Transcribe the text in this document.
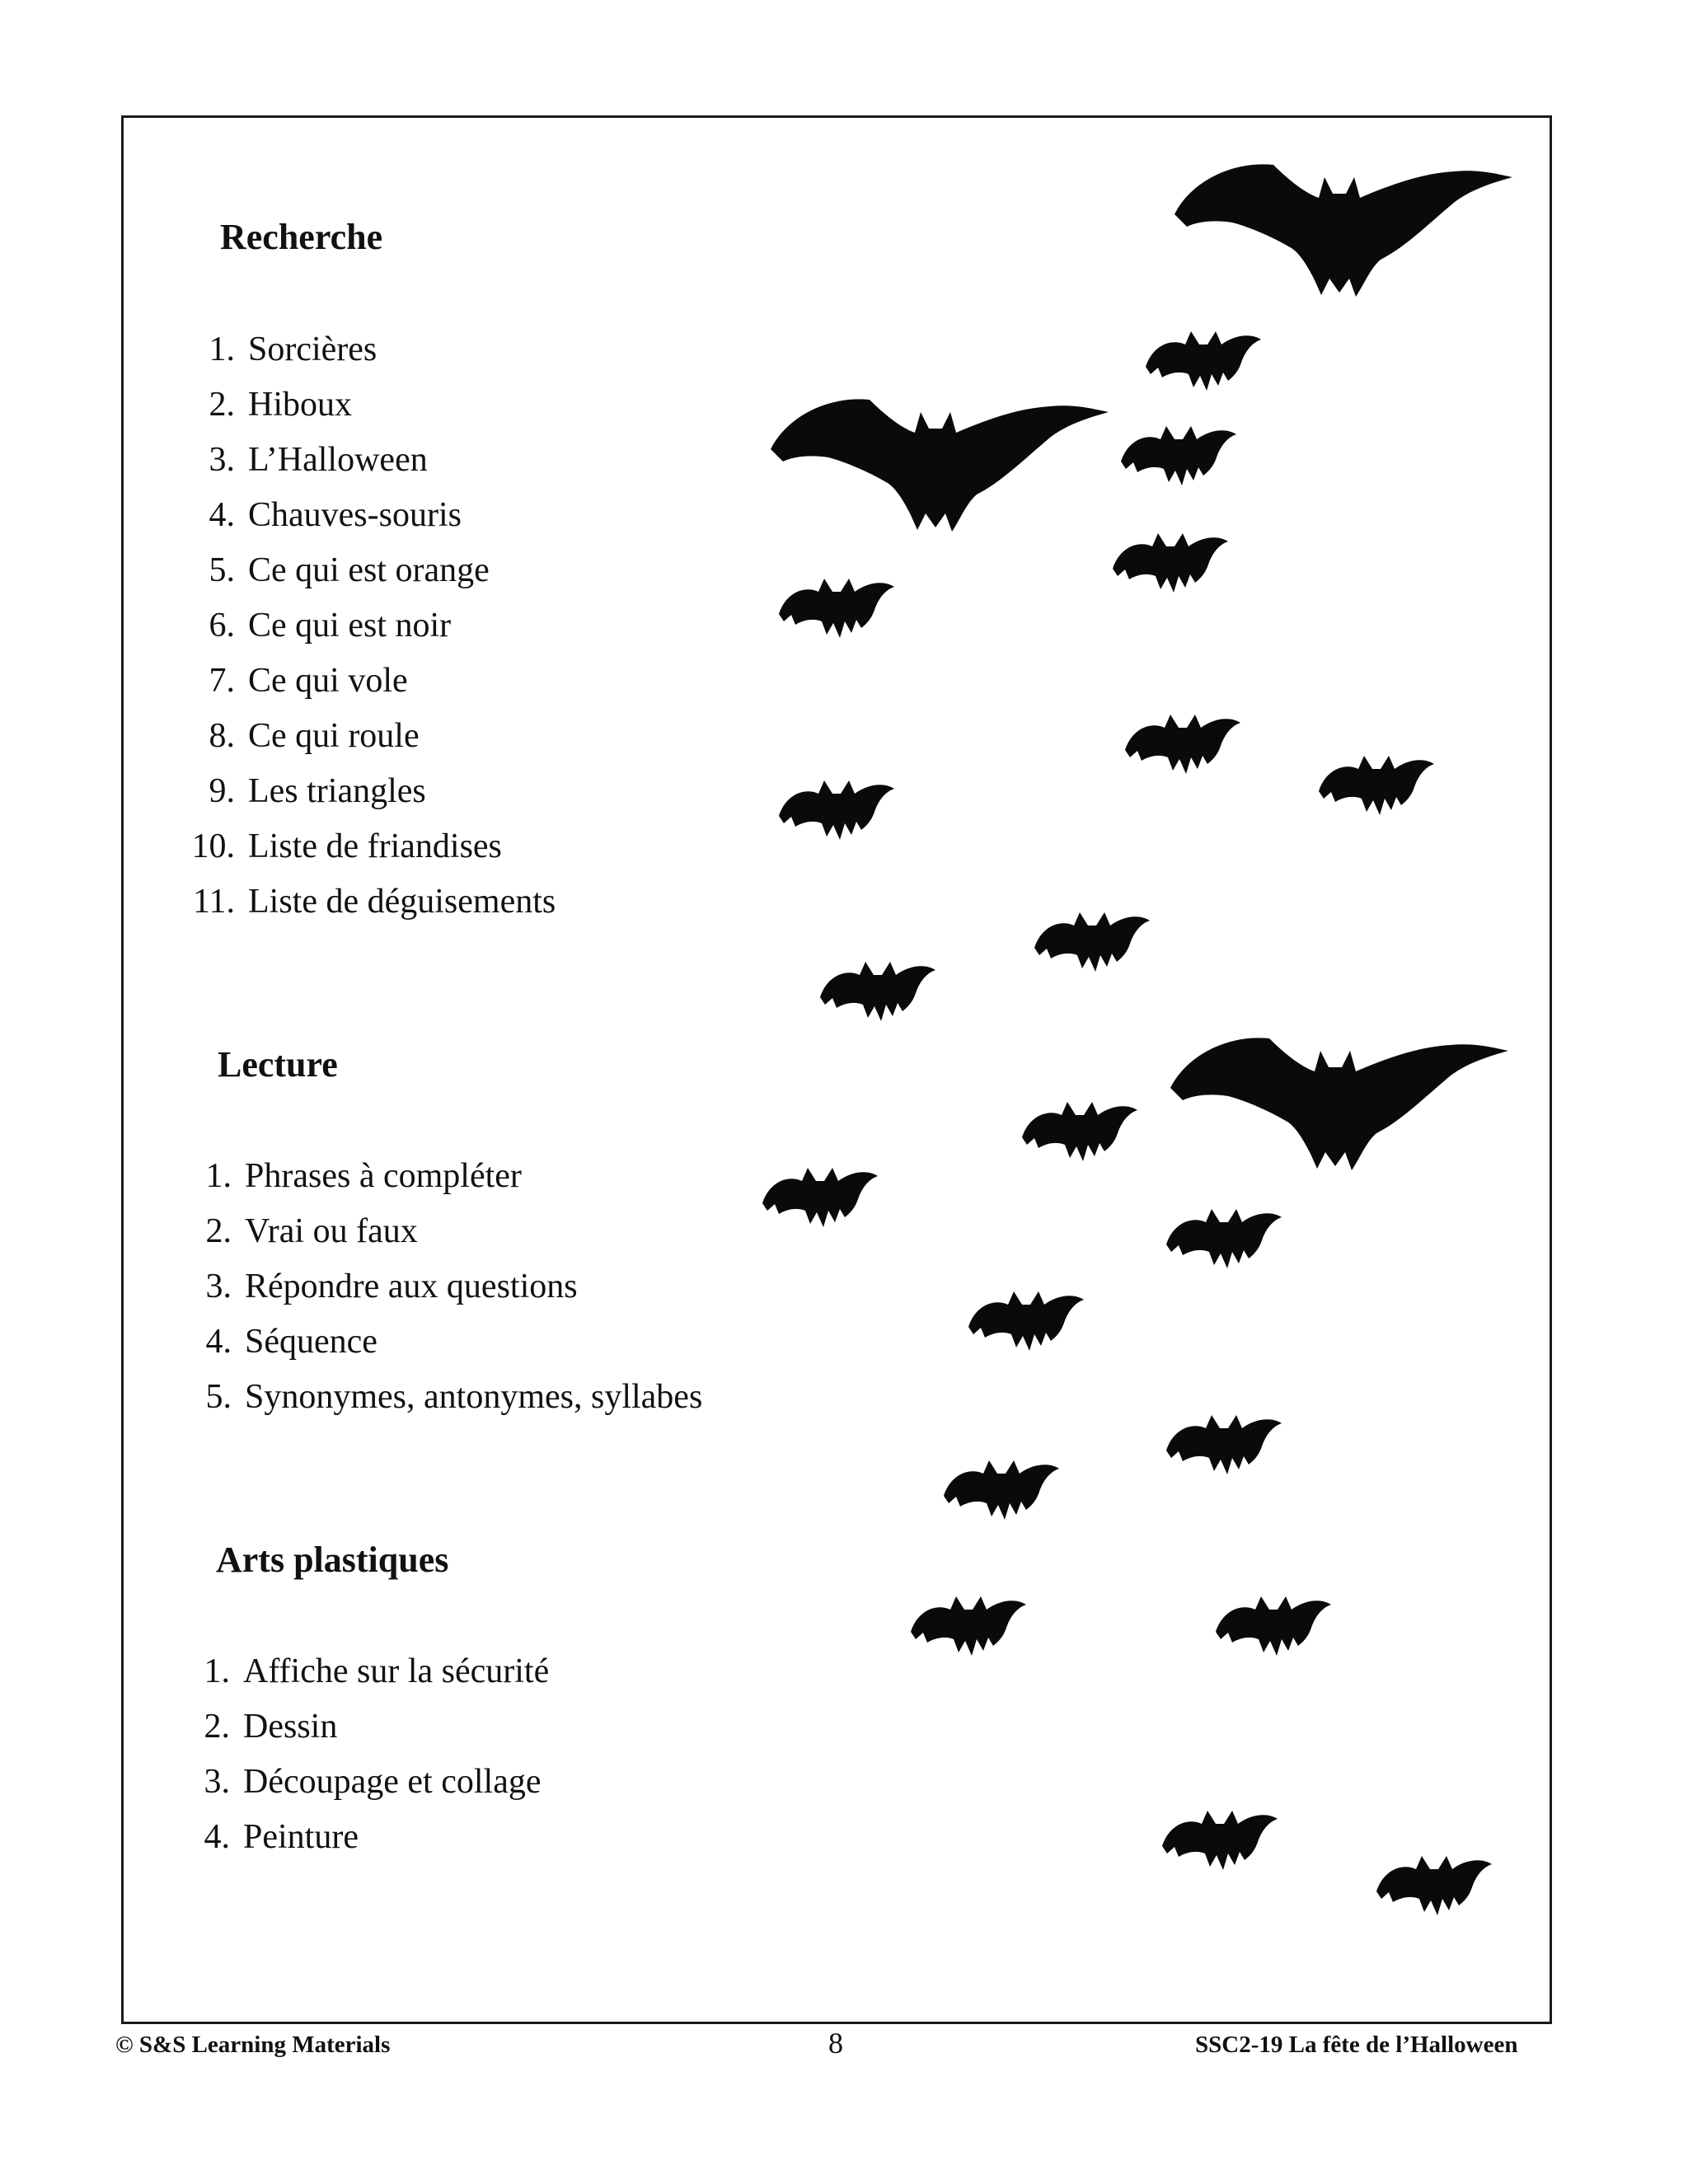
Recherche
1. Sorcières
2. Hiboux
3. L’Halloween
4. Chauves-souris
5. Ce qui est orange
6. Ce qui est noir
7. Ce qui vole
8. Ce qui roule
9. Les triangles
10. Liste de friandises
11. Liste de déguisements
Lecture
1. Phrases à compléter
2. Vrai ou faux
3. Répondre aux questions
4. Séquence
5. Synonymes, antonymes, syllabes
Arts plastiques
1. Affiche sur la sécurité
2. Dessin
3. Découpage et collage
4. Peinture
© S&S Learning Materials	8	SSC2-19 La fête de l’Halloween
